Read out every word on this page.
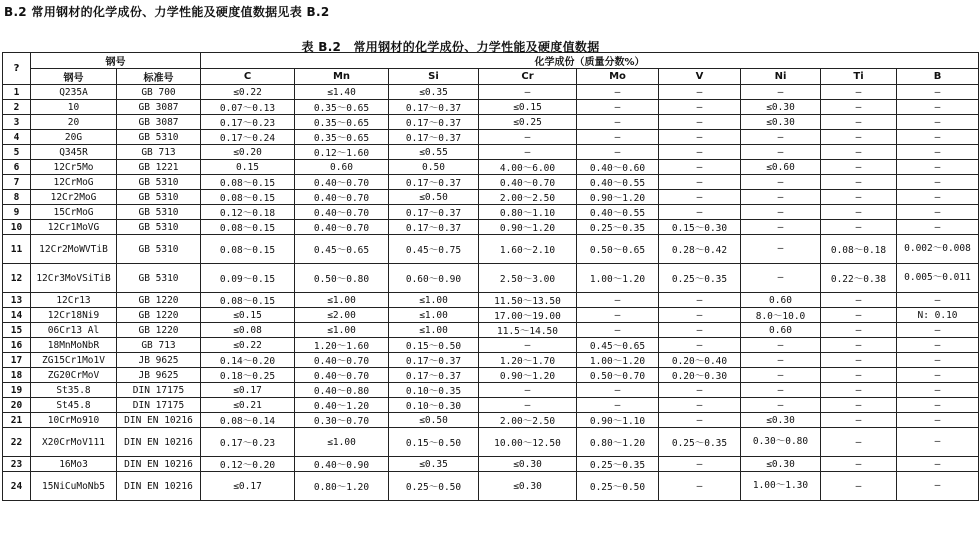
B.2 常用钢材的化学成份、力学性能及硬度值数据见表 B.2
表 B.2　常用钢材的化学成份、力学性能及硬度值数据
?	钢号		化学成份（质量分数%）								
	钢号	标准号	C	Mn	Si	Cr	Mo	V	Ni	Ti	B
1	Q235A	GB 700	≤0.22	≤1.40	≤0.35	—	—	—	—	—	—
2	10	GB 3087	0.07～0.13	0.35～0.65	0.17～0.37	≤0.15	—	—	≤0.30	—	—
3	20	GB 3087	0.17～0.23	0.35～0.65	0.17～0.37	≤0.25	—	—	≤0.30	—	—
4	20G	GB 5310	0.17～0.24	0.35～0.65	0.17～0.37	—	—	—	—	—	—
5	Q345R	GB 713	≤0.20	0.12～1.60	≤0.55	—	—	—	—	—	—
6	12Cr5Mo	GB 1221	0.15	0.60	0.50	4.00～6.00	0.40～0.60	—	≤0.60	—	—
7	12CrMoG	GB 5310	0.08～0.15	0.40～0.70	0.17～0.37	0.40～0.70	0.40～0.55	—	—	—	—
8	12Cr2MoG	GB 5310	0.08～0.15	0.40～0.70	≤0.50	2.00～2.50	0.90～1.20	—	—	—	—
9	15CrMoG	GB 5310	0.12～0.18	0.40～0.70	0.17～0.37	0.80～1.10	0.40～0.55	—	—	—	—
10	12Cr1MoVG	GB 5310	0.08～0.15	0.40～0.70	0.17～0.37	0.90～1.20	0.25～0.35	0.15～0.30	—	—	—
11	12Cr2MoWVTiB	GB 5310	0.08～0.15	0.45～0.65	0.45～0.75	1.60～2.10	0.50～0.65	0.28～0.42	—	0.08～0.18	0.002～0.008
12	12Cr3MoVSiTiB	GB 5310	0.09～0.15	0.50～0.80	0.60～0.90	2.50～3.00	1.00～1.20	0.25～0.35	—	0.22～0.38	0.005～0.011
13	12Cr13	GB 1220	0.08～0.15	≤1.00	≤1.00	11.50～13.50	—	—	0.60	—	—
14	12Cr18Ni9	GB 1220	≤0.15	≤2.00	≤1.00	17.00～19.00	—	—	8.0～10.0	—	N: 0.10
15	06Cr13 Al	GB 1220	≤0.08	≤1.00	≤1.00	11.5～14.50	—	—	0.60	—	—
16	18MnMoNbR	GB 713	≤0.22	1.20～1.60	0.15～0.50	—	0.45～0.65	—	—	—	—
17	ZG15Cr1Mo1V	JB 9625	0.14～0.20	0.40～0.70	0.17～0.37	1.20～1.70	1.00～1.20	0.20～0.40	—	—	—
18	ZG20CrMoV	JB 9625	0.18～0.25	0.40～0.70	0.17～0.37	0.90～1.20	0.50～0.70	0.20～0.30	—	—	—
19	St35.8	DIN 17175	≤0.17	0.40～0.80	0.10～0.35	—	—	—	—	—	—
20	St45.8	DIN 17175	≤0.21	0.40～1.20	0.10～0.30	—	—	—	—	—	—
21	10CrMo910	DIN EN 10216	0.08～0.14	0.30～0.70	≤0.50	2.00～2.50	0.90～1.10	—	≤0.30	—	—
22	X20CrMoV111	DIN EN 10216	0.17～0.23	≤1.00	0.15～0.50	10.00～12.50	0.80～1.20	0.25～0.35	0.30～0.80	—	—
23	16Mo3	DIN EN 10216	0.12～0.20	0.40～0.90	≤0.35	≤0.30	0.25～0.35	—	≤0.30	—	—
24	15NiCuMoNb5	DIN EN 10216	≤0.17	0.80～1.20	0.25～0.50	≤0.30	0.25～0.50	—	1.00～1.30	—	—
